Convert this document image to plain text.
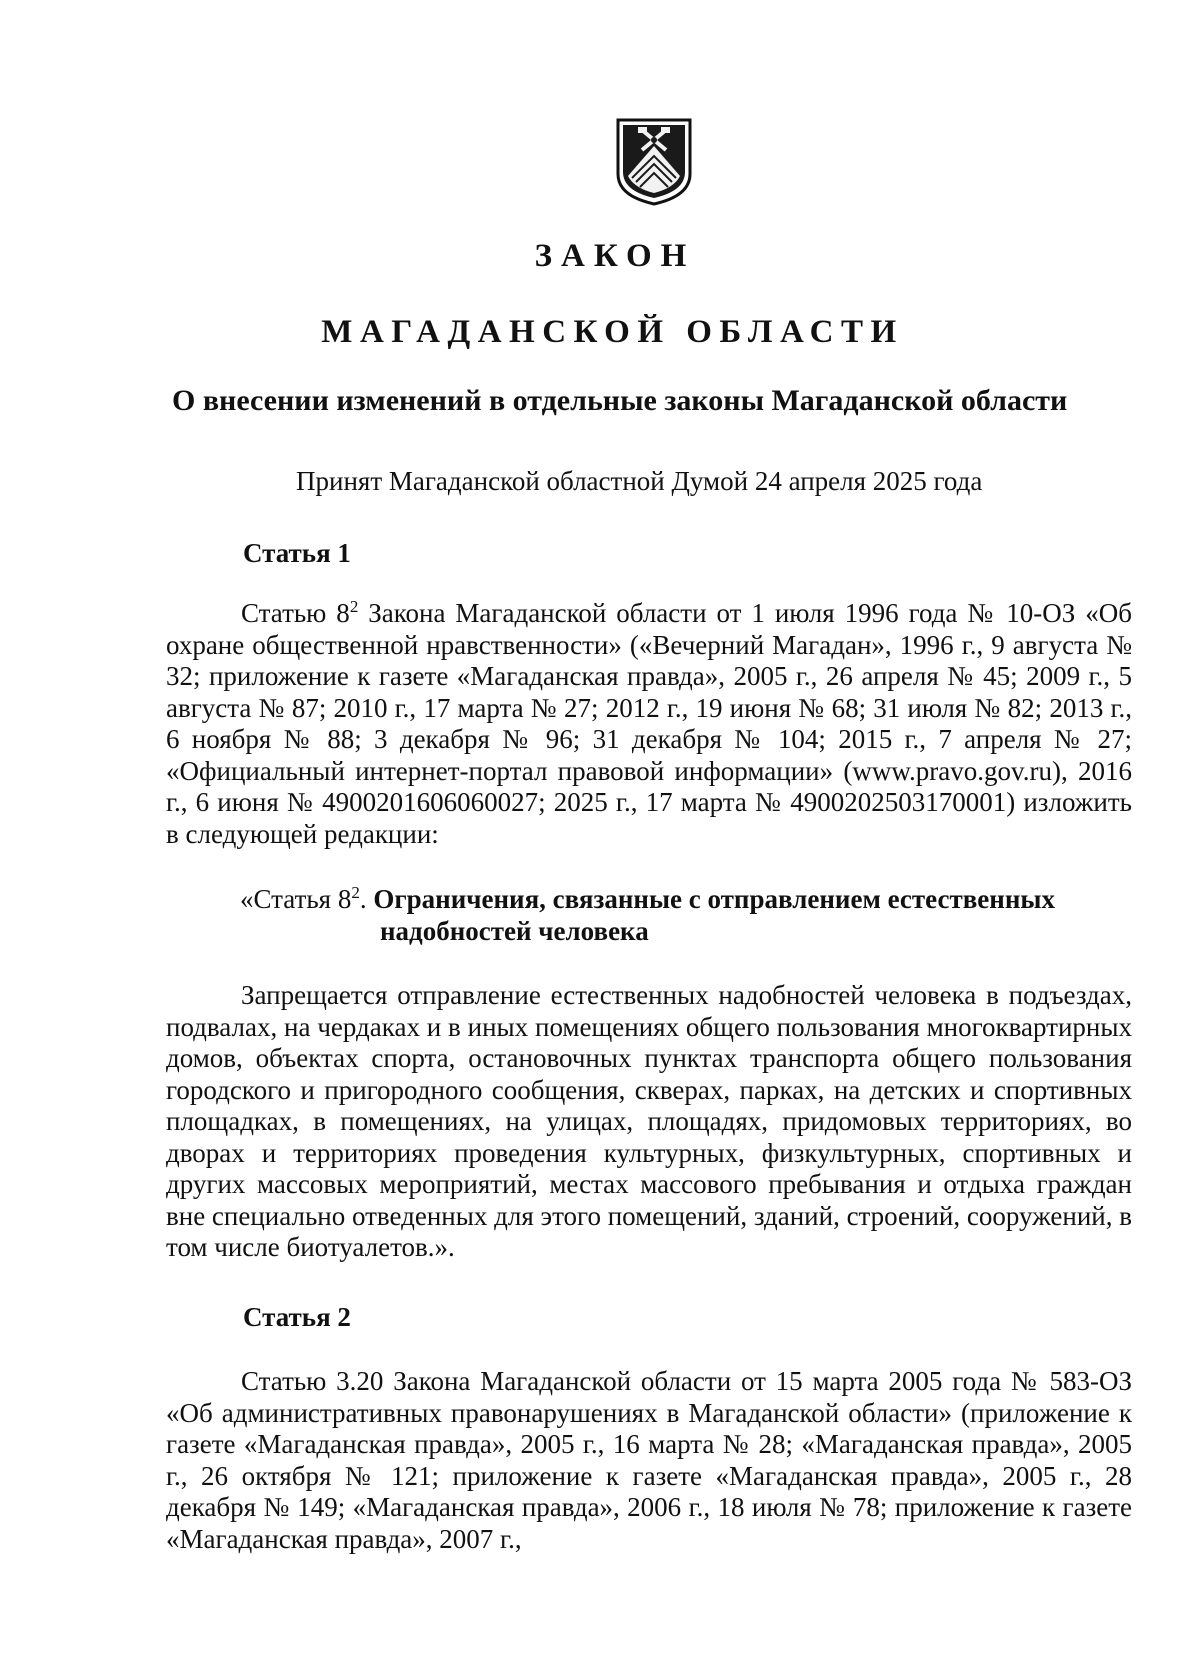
ЗАКОН
МАГАДАНСКОЙ ОБЛАСТИ
О внесении изменений в отдельные законы Магаданской области
Принят Магаданской областной Думой 24 апреля 2025 года
Статья 1

Статью $8^2$ Закона Магаданской области от 1 июля 1996 года № 10-ОЗ «Об охране общественной нравственности» («Вечерний Магадан», 1996 г., 9 августа № 32; приложение к газете «Магаданская правда», 2005 г., 26 апреля № 45; 2009 г., 5 августа № 87; 2010 г., 17 марта № 27; 2012 г., 19 июня № 68; 31 июля № 82; 2013 г., 6 ноября № 88; 3 декабря № 96; 31 декабря № 104; 2015 г., 7 апреля № 27; «Официальный интернет-портал правовой информации» (www.pravo.gov.ru), 2016 г., 6 июня № 4900201606060027; 2025 г., 17 марта № 4900202503170001) изложить в следующей редакции:

«Статья $8^2$. Ограничения, связанные с отправлением естественных
надобностей человека

Запрещается отправление естественных надобностей человека в подъездах, подвалах, на чердаках и в иных помещениях общего пользования многоквартирных домов, объектах спорта, остановочных пунктах транспорта общего пользования городского и пригородного сообщения, скверах, парках, на детских и спортивных площадках, в помещениях, на улицах, площадях, придомовых территориях, во дворах и территориях проведения культурных, физкультурных, спортивных и других массовых мероприятий, местах массового пребывания и отдыха граждан вне специально отведенных для этого помещений, зданий, строений, сооружений, в том числе биотуалетов.».

Статья 2

Статью 3.20 Закона Магаданской области от 15 марта 2005 года № 583-ОЗ «Об административных правонарушениях в Магаданской области» (приложение к газете «Магаданская правда», 2005 г., 16 марта № 28; «Магаданская правда», 2005 г., 26 октября № 121; приложение к газете «Магаданская правда», 2005 г., 28 декабря № 149; «Магаданская правда», 2006 г., 18 июля № 78; приложение к газете «Магаданская правда», 2007 г.,
